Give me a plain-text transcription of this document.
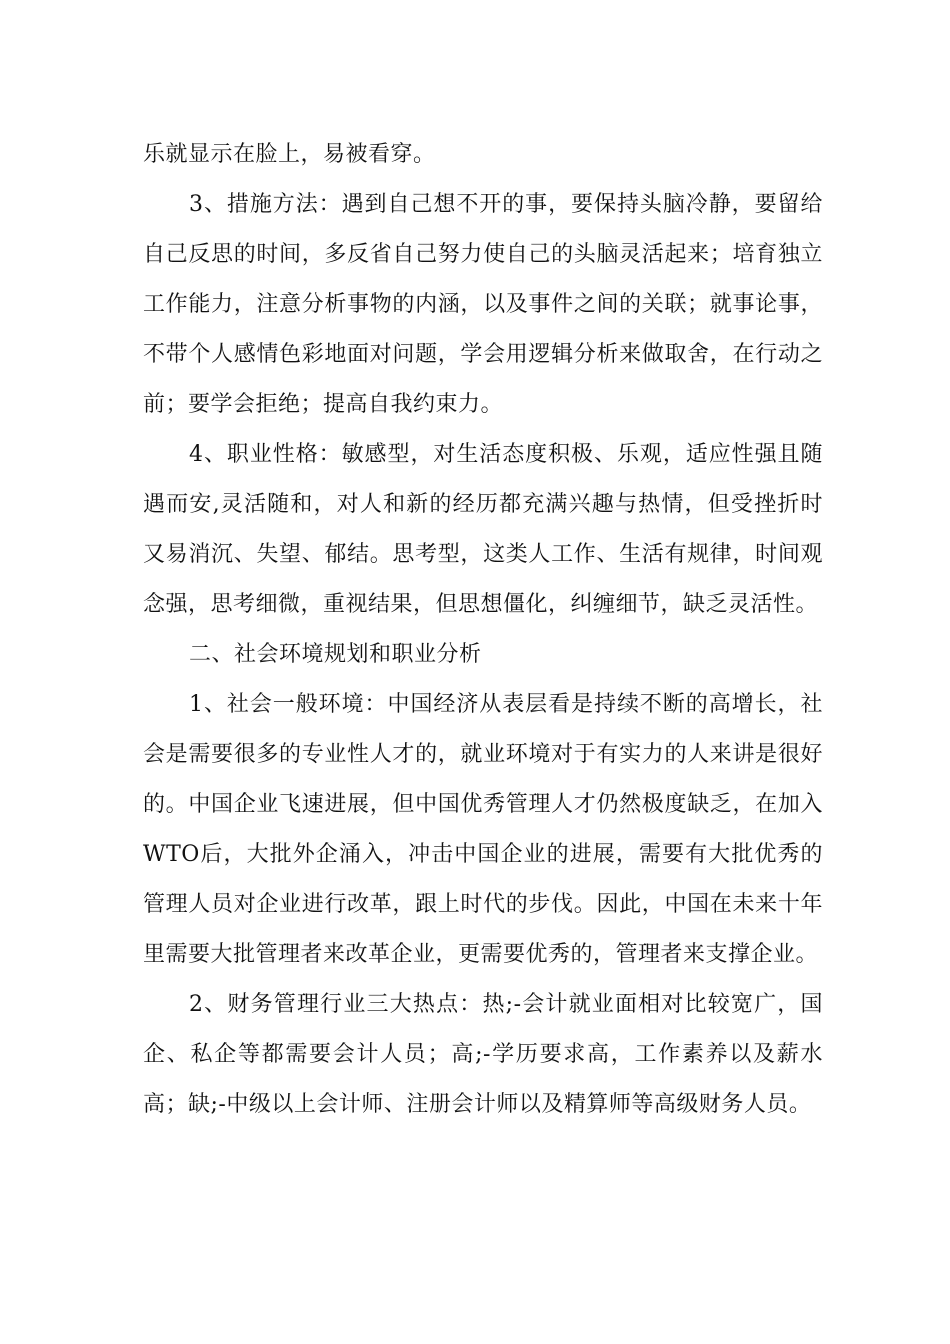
乐就显示在脸上，易被看穿。

3、措施方法：遇到自己想不开的事，要保持头脑冷静，要留给自己反思的时间，多反省自己努力使自己的头脑灵活起来；培育独立工作能力，注意分析事物的内涵，以及事件之间的关联；就事论事，不带个人感情色彩地面对问题，学会用逻辑分析来做取舍，在行动之前；要学会拒绝；提高自我约束力。

4、职业性格：敏感型，对生活态度积极、乐观，适应性强且随遇而安,灵活随和，对人和新的经历都充满兴趣与热情，但受挫折时又易消沉、失望、郁结。思考型，这类人工作、生活有规律，时间观念强，思考细微，重视结果，但思想僵化，纠缠细节，缺乏灵活性。

二、社会环境规划和职业分析

1、社会一般环境：中国经济从表层看是持续不断的高增长，社会是需要很多的专业性人才的，就业环境对于有实力的人来讲是很好的。中国企业飞速进展，但中国优秀管理人才仍然极度缺乏，在加入WTO后，大批外企涌入，冲击中国企业的进展，需要有大批优秀的管理人员对企业进行改革，跟上时代的步伐。因此，中国在未来十年里需要大批管理者来改革企业，更需要优秀的，管理者来支撑企业。

2、财务管理行业三大热点：热;-会计就业面相对比较宽广，国企、私企等都需要会计人员；高;-学历要求高，工作素养以及薪水高；缺;-中级以上会计师、注册会计师以及精算师等高级财务人员。
